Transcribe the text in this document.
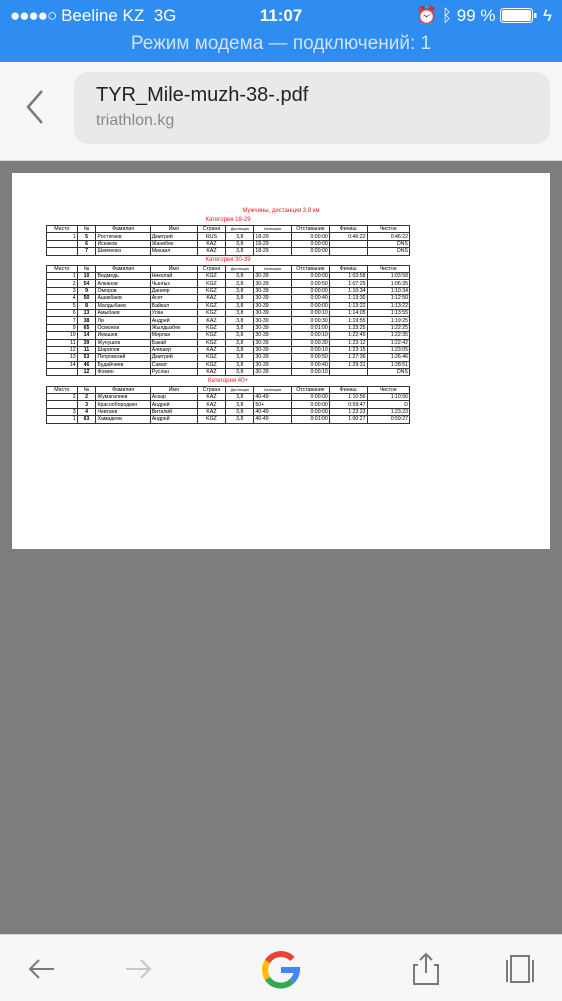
●●●●○ Beeline KZ 3G	11:07	⏰ ᛒ 99 %	ϟ
Режим модема — подключений: 1
TYR_Mile-muzh-38-.pdf
triathlon.kg
Мужчины, дистанция 3,8 км
Категория 18-29
Место	№	Фамилия	Имя	Страна	Дистанция	Категория	Отставание	Финиш	Чистое
1	5	Ростягаев	Дмитрий	RUS	3,8	18-29	0:00:00	0:46:22	0:46:22
	6	Искаков	Жанибек	KAZ	3,8	18-29	0:00:00		DNS
	7	Шевченко	Михаил	KAZ	3,8	18-29	0:00:00		DNS
Категория 30-39
Место	№	Фамилия	Имя	Страна	Дистанция	Категория	Отставание	Финиш	Чистое
1	10	Ведмедь	Николай	KGZ	3,8	30-39	0:00:00	1:03:58	1:03:58
2	54	Алканов	Чынгыз	KGZ	3,8	30-39	0:00:50	1:07:25	1:06:35
3	9	Оморов	Данияр	KGZ	3,8	30-39	0:00:00	1:10:34	1:10:34
4	50	Ашикбаев	Асет	KAZ	3,8	30-39	0:00:40	1:13:30	1:12:50
5	8	Малдыбаев	Байкал	KGZ	3,8	30-39	0:00:00	1:13:22	1:13:22
6	13	Амыбаев	Улан	KGZ	3,8	30-39	0:00:10	1:14:05	1:13:55
7	38	Ли	Андрей	KAZ	3,8	30-39	0:00:30	1:19:55	1:19:25
9	65	Осмонов	Жылдызбек	KGZ	3,8	30-39	0:01:00	1:23:25	1:22:25
10	14	Имашев	Мирлан	KGZ	3,8	30-39	0:00:10	1:22:45	1:22:35
11	39	Жунушов	Бакай	KGZ	3,8	30-39	0:00:30	1:23:12	1:22:42
12	11	Шарипов	Алишер	KAZ	3,8	30-39	0:00:10	1:23:15	1:23:05
13	53	Петровский	Дмитрий	KGZ	3,8	30-39	0:00:50	1:27:36	1:26:46
14	46	Будайчиев	Самат	KGZ	3,8	30-39	0:00:40	1:29:31	1:28:51
	12	Фомин	Руслан	KAZ	3,8	30-39	0:00:10		DNS
Категория 40+
Место	№	Фамилия	Имя	Страна	Дистанция	Категория	Отставание	Финиш	Чистое
2	2	Жумагалиев	Аскар	KAZ	3,8	40-49	0:00:00	1:10:56	1:10:56
	3	Краснобородкин	Андрей	KAZ	3,8	50+	0:00:00	0:59:47	D
3	4	Чевтаев	Виталий	KAZ	3,8	40-49	0:00:00	1:23:23	1:23:23
1	63	Хамадеев	Андрей	KGZ	3,8	40-49	0:01:00	1:00:27	0:59:27
